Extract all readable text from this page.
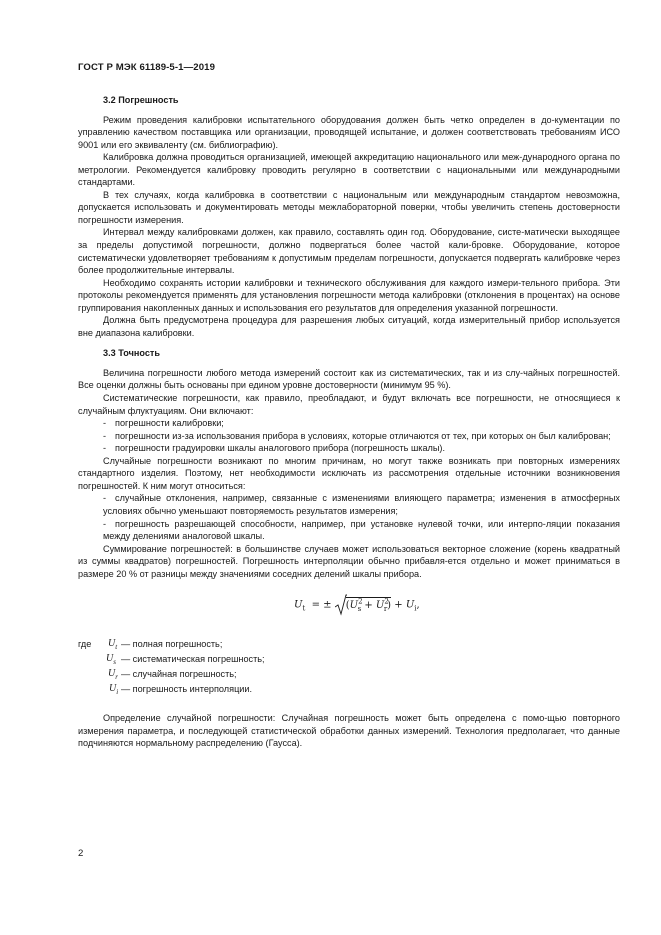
ГОСТ Р МЭК 61189-5-1—2019
3.2 Погрешность

Режим проведения калибровки испытательного оборудования должен быть четко определен в до-кументации по управлению качеством поставщика или организации, проводящей испытание, и должен соответствовать требованиям ИСО 9001 или его эквиваленту (см. библиографию).

Калибровка должна проводиться организацией, имеющей аккредитацию национального или меж-дународного органа по метрологии. Рекомендуется калибровку проводить регулярно в соответствии с национальными или международными стандартами.

В тех случаях, когда калибровка в соответствии с национальным или международным стандартом невозможна, допускается использовать и документировать методы межлабораторной поверки, чтобы увеличить степень достоверности погрешности измерения.

Интервал между калибровками должен, как правило, составлять один год. Оборудование, систе-матически выходящее за пределы допустимой погрешности, должно подвергаться более частой кали-бровке. Оборудование, которое систематически удовлетворяет требованиям к допустимым пределам погрешности, допускается подвергать калибровке через более продолжительные интервалы.

Необходимо сохранять истории калибровки и технического обслуживания для каждого измери-тельного прибора. Эти протоколы рекомендуется применять для установления погрешности метода калибровки (отклонения в процентах) на основе группирования накопленных данных и использования его результатов для определения указанной погрешности.

Должна быть предусмотрена процедура для разрешения любых ситуаций, когда измерительный прибор используется вне диапазона калибровки.

3.3 Точность

Величина погрешности любого метода измерений состоит как из систематических, так и из слу-чайных погрешностей. Все оценки должны быть основаны при едином уровне достоверности (минимум 95 %).

Систематические погрешности, как правило, преобладают, и будут включать все погрешности, не относящиеся к случайным флуктуациям. Они включают:

- погрешности калибровки;
- погрешности из-за использования прибора в условиях, которые отличаются от тех, при которых он был калиброван;
- погрешности градуировки шкалы аналогового прибора (погрешность шкалы).

Случайные погрешности возникают по многим причинам, но могут также возникать при повторных измерениях стандартного изделия. Поэтому, нет необходимости исключать из рассмотрения отдельные источники возникновения погрешностей. К ним могут относиться:

- случайные отклонения, например, связанные с изменениями влияющего параметра; изменения в атмосферных условиях обычно уменьшают повторяемость результатов измерения;
- погрешность разрешающей способности, например, при установке нулевой точки, или интерпо-ляции показания между делениями аналоговой шкалы.

Суммирование погрешностей: в большинстве случаев может использоваться векторное сложение (корень квадратный из суммы квадратов) погрешностей. Погрешность интерполяции обычно прибавля-ется отдельно и может приниматься в размере 20 % от разницы между значениями соседних делений шкалы прибора.

$U_t$ = ± $(U^2_s + U^2_r) + U_i$,
где $U_t$ — полная погрешность;
$U_s$ — систематическая погрешность;
$U_r$ — случайная погрешность;
$U_i$ — погрешность интерполяции.

Определение случайной погрешности: Случайная погрешность может быть определена с помо-щью повторного измерения параметра, и последующей статистической обработки данных измерений. Технология предполагает, что данные подчиняются нормальному распределению (Гаусса).

2
